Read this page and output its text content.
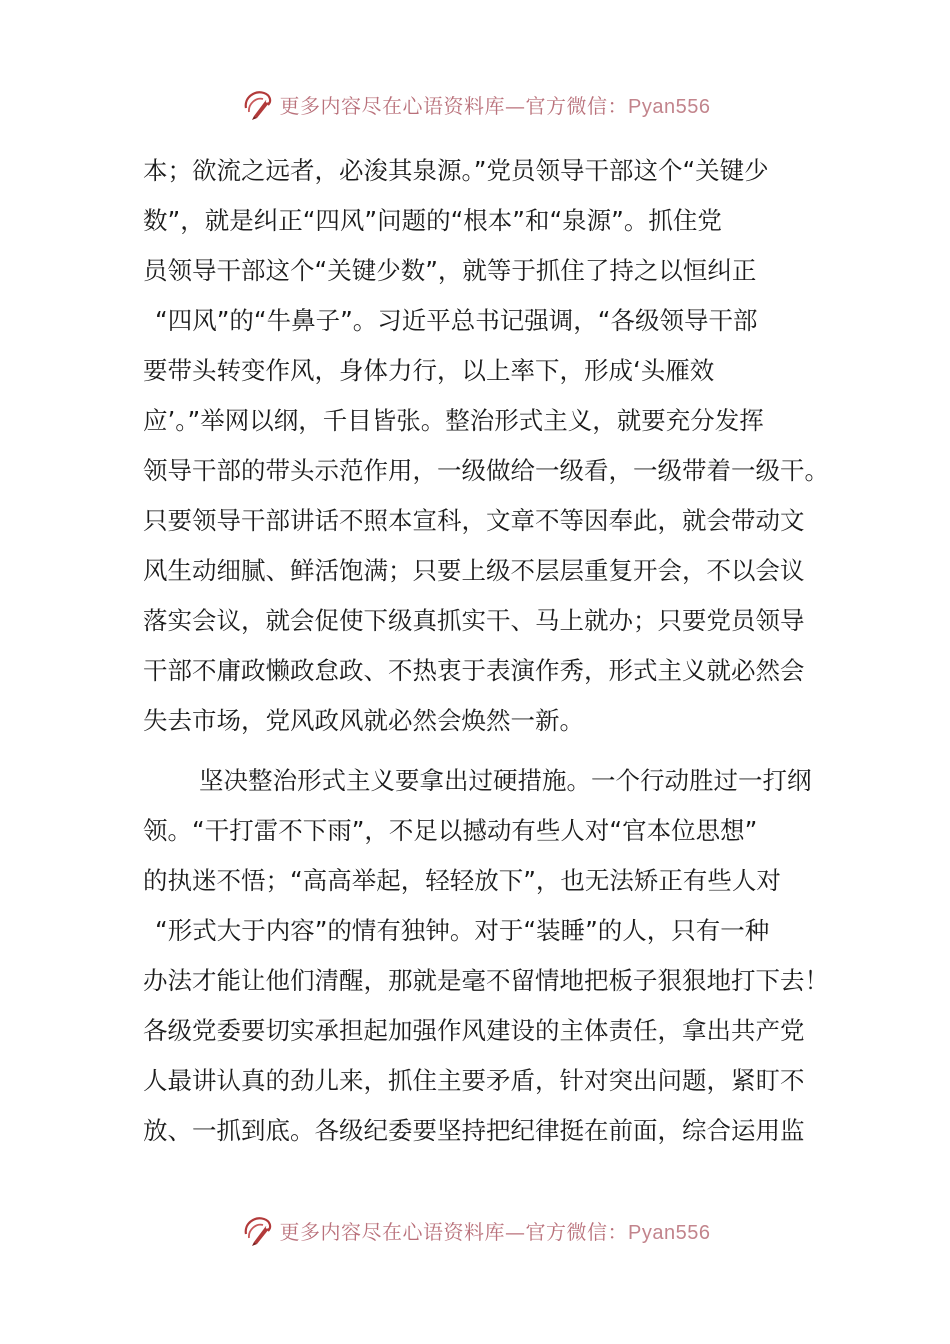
更多内容尽在心语资料库—官方微信：Pyan556
本；欲流之远者，必浚其泉源。”党员领导干部这个“关键少
数”，就是纠正“四风”问题的“根本”和“泉源”。抓住党
员领导干部这个“关键少数”，就等于抓住了持之以恒纠正
“四风”的“牛鼻子”。习近平总书记强调，“各级领导干部
要带头转变作风，身体力行，以上率下，形成‘头雁效
应’。”举网以纲，千目皆张。整治形式主义，就要充分发挥
领导干部的带头示范作用，一级做给一级看，一级带着一级干。
只要领导干部讲话不照本宣科，文章不等因奉此，就会带动文
风生动细腻、鲜活饱满；只要上级不层层重复开会，不以会议
落实会议，就会促使下级真抓实干、马上就办；只要党员领导
干部不庸政懒政怠政、不热衷于表演作秀，形式主义就必然会
失去市场，党风政风就必然会焕然一新。
坚决整治形式主义要拿出过硬措施。一个行动胜过一打纲
领。“干打雷不下雨”，不足以撼动有些人对“官本位思想”
的执迷不悟；“高高举起，轻轻放下”，也无法矫正有些人对
“形式大于内容”的情有独钟。对于“装睡”的人，只有一种
办法才能让他们清醒，那就是毫不留情地把板子狠狠地打下去！
各级党委要切实承担起加强作风建设的主体责任，拿出共产党
人最讲认真的劲儿来，抓住主要矛盾，针对突出问题，紧盯不
放、一抓到底。各级纪委要坚持把纪律挺在前面，综合运用监
更多内容尽在心语资料库—官方微信：Pyan556
